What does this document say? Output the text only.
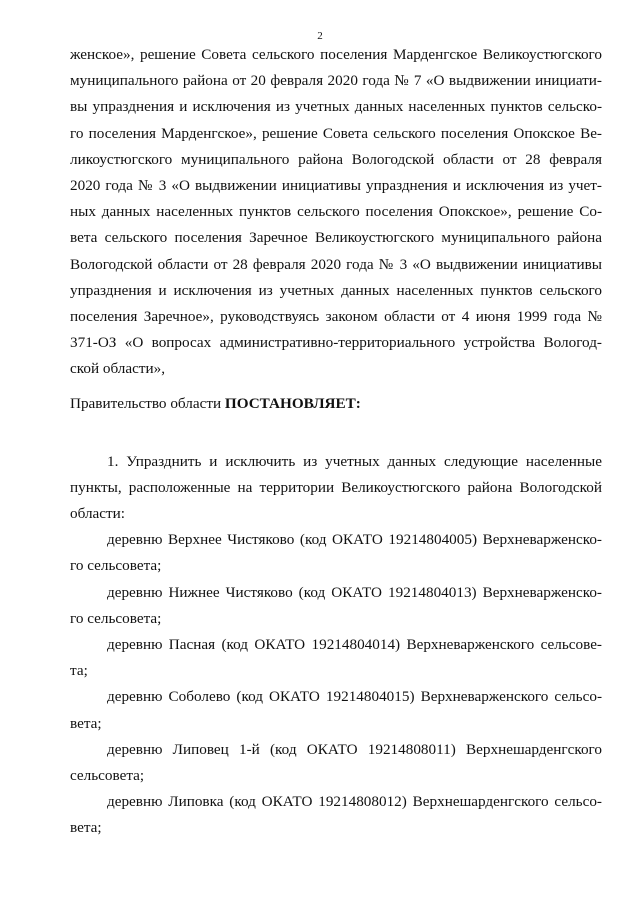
2
женское», решение Совета сельского поселения Марденгское Великоустюгского
муниципального района от 20 февраля 2020 года № 7 «О выдвижении инициати-
вы упразднения и исключения из учетных данных населенных пунктов сельско-
го поселения Марденгское», решение Совета сельского поселения Опокское Ве-
ликоустюгского муниципального района Вологодской области от 28 февраля
2020 года № 3 «О выдвижении инициативы упразднения и исключения из учет-
ных данных населенных пунктов сельского поселения Опокское», решение Со-
вета сельского поселения Заречное Великоустюгского муниципального района
Вологодской области от 28 февраля 2020 года № 3 «О выдвижении инициативы
упразднения и исключения из учетных данных населенных пунктов сельского
поселения Заречное», руководствуясь законом области от 4 июня 1999 года №
371-ОЗ «О вопросах административно-территориального устройства Вологод-
ской области»,
Правительство области ПОСТАНОВЛЯЕТ:
1. Упразднить и исключить из учетных данных следующие населенные
пункты, расположенные на территории Великоустюгского района Вологодской
области:
деревню Верхнее Чистяково (код ОКАТО 19214804005) Верхневарженско-
го сельсовета;
деревню Нижнее Чистяково (код ОКАТО 19214804013) Верхневарженско-
го сельсовета;
деревню Пасная (код ОКАТО 19214804014) Верхневарженского сельсове-
та;
деревню Соболево (код ОКАТО 19214804015) Верхневарженского сельсо-
вета;
деревню Липовец 1-й (код ОКАТО 19214808011) Верхнешарденгского
сельсовета;
деревню Липовка (код ОКАТО 19214808012) Верхнешарденгского сельсо-
вета;
